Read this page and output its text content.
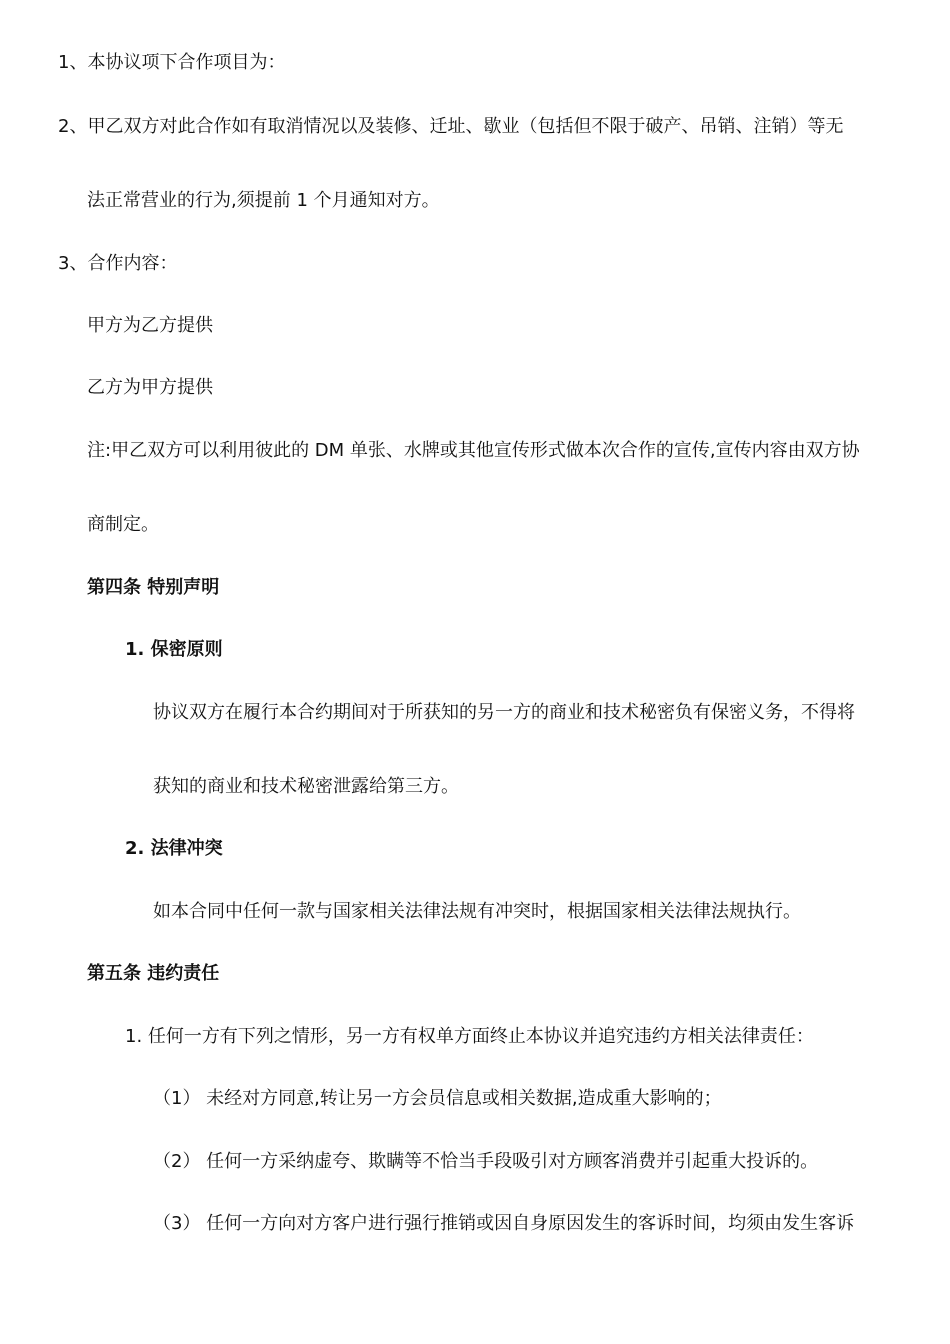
1、本协议项下合作项目为：

2、甲乙双方对此合作如有取消情况以及装修、迁址、歇业（包括但不限于破产、吊销、注销）等无

法正常营业的行为,须提前 1 个月通知对方。

3、合作内容：

甲方为乙方提供

乙方为甲方提供

注:甲乙双方可以利用彼此的 DM 单张、水牌或其他宣传形式做本次合作的宣传,宣传内容由双方协

商制定。

第四条 特别声明

1. 保密原则

协议双方在履行本合约期间对于所获知的另一方的商业和技术秘密负有保密义务，不得将

获知的商业和技术秘密泄露给第三方。

2. 法律冲突

如本合同中任何一款与国家相关法律法规有冲突时，根据国家相关法律法规执行。

第五条 违约责任

1. 任何一方有下列之情形，另一方有权单方面终止本协议并追究违约方相关法律责任：

（1） 未经对方同意,转让另一方会员信息或相关数据,造成重大影响的；

（2） 任何一方采纳虚夸、欺瞒等不恰当手段吸引对方顾客消费并引起重大投诉的。

（3） 任何一方向对方客户进行强行推销或因自身原因发生的客诉时间，均须由发生客诉
